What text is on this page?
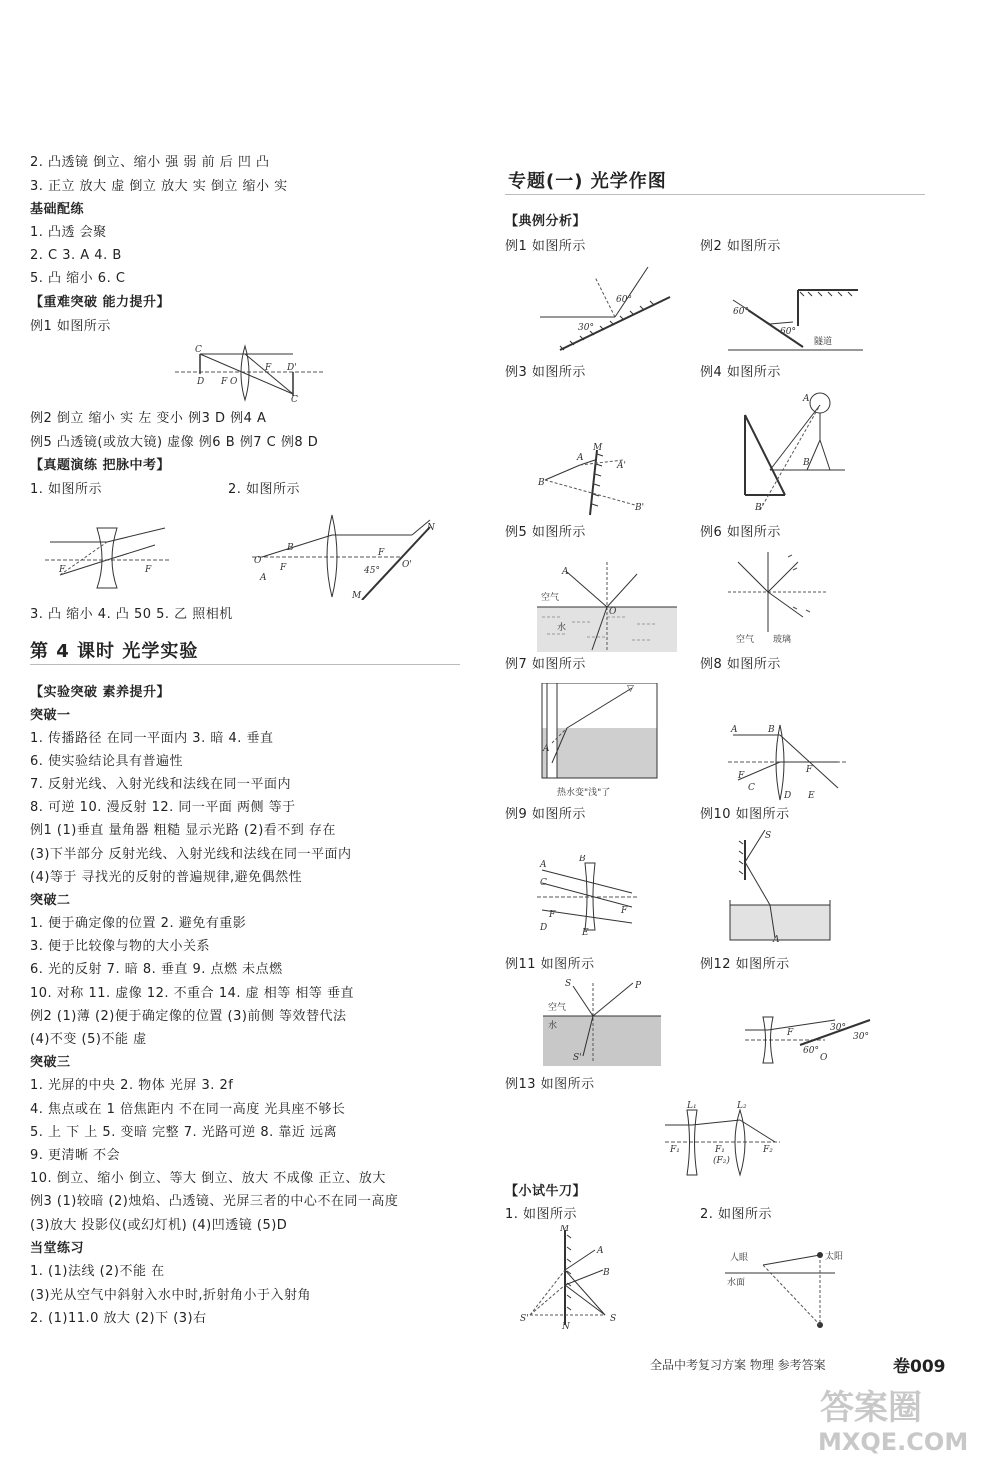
2. 凸透镜 倒立、缩小 强 弱 前 后 凹 凸
3. 正立 放大 虚 倒立 放大 实 倒立 缩小 实
基础配练
1. 凸透 会聚
2. C 3. A 4. B
5. 凸 缩小 6. C
【重难突破 能力提升】
例1 如图所示
C
D F O
F D'
C
例2 倒立 缩小 实 左 变小 例3 D 例4 A
例5 凸透镜(或放大镜) 虚像 例6 B 例7 C 例8 D
【真题演练 把脉中考】
1. 如图所示	2. 如图所示
F	F
O
B
F
A
F
45°
O'
N
M
3. 凸 缩小 4. 凸 50 5. 乙 照相机
第 4 课时 光学实验
【实验突破 素养提升】
突破一
1. 传播路径 在同一平面内 3. 暗 4. 垂直
6. 使实验结论具有普遍性
7. 反射光线、入射光线和法线在同一平面内
8. 可逆 10. 漫反射 12. 同一平面 两侧 等于
例1 (1)垂直 量角器 粗糙 显示光路 (2)看不到 存在
(3)下半部分 反射光线、入射光线和法线在同一平面内
(4)等于 寻找光的反射的普遍规律,避免偶然性
突破二
1. 便于确定像的位置 2. 避免有重影
3. 便于比较像与物的大小关系
6. 光的反射 7. 暗 8. 垂直 9. 点燃 未点燃
10. 对称 11. 虚像 12. 不重合 14. 虚 相等 相等 垂直
例2 (1)薄 (2)便于确定像的位置 (3)前侧 等效替代法
(4)不变 (5)不能 虚
突破三
1. 光屏的中央 2. 物体 光屏 3. 2f
4. 焦点或在 1 倍焦距内 不在同一高度 光具座不够长
5. 上 下 上 5. 变暗 完整 7. 光路可逆 8. 靠近 远离
9. 更清晰 不会
10. 倒立、缩小 倒立、等大 倒立、放大 不成像 正立、放大
例3 (1)较暗 (2)烛焰、凸透镜、光屏三者的中心不在同一高度
(3)放大 投影仪(或幻灯机) (4)凹透镜 (5)D
当堂练习
1. (1)法线 (2)不能 在
(3)光从空气中斜射入水中时,折射角小于入射角
2. (1)11.0 放大 (2)下 (3)右
专题(一) 光学作图
【典例分析】
例1 如图所示	例2 如图所示
30°
60°
60°
60°
隧道
例3 如图所示	例4 如图所示
B
A
M
A'
B'
A
B
B'
例5 如图所示	例6 如图所示
A
O
空气
水
空气 玻璃
例7 如图所示	例8 如图所示
A
▽
热水变"浅"了
A	B
F
F
C
D E
例9 如图所示	例10 如图所示
A
C
F
D
B
E
F
S
A
例11 如图所示	例12 如图所示
S	P
S'
空气
水
F	30°
30°
60°
O
例13 如图所示
L₁	L₂
F₁	F₁
(F₂)
F₂
【小试牛刀】
1. 如图所示	2. 如图所示
M
A
B
S'	S
N
人眼	太阳
水面
全品中考复习方案 物理 参考答案	卷009
答案圈
MXQE.COM
